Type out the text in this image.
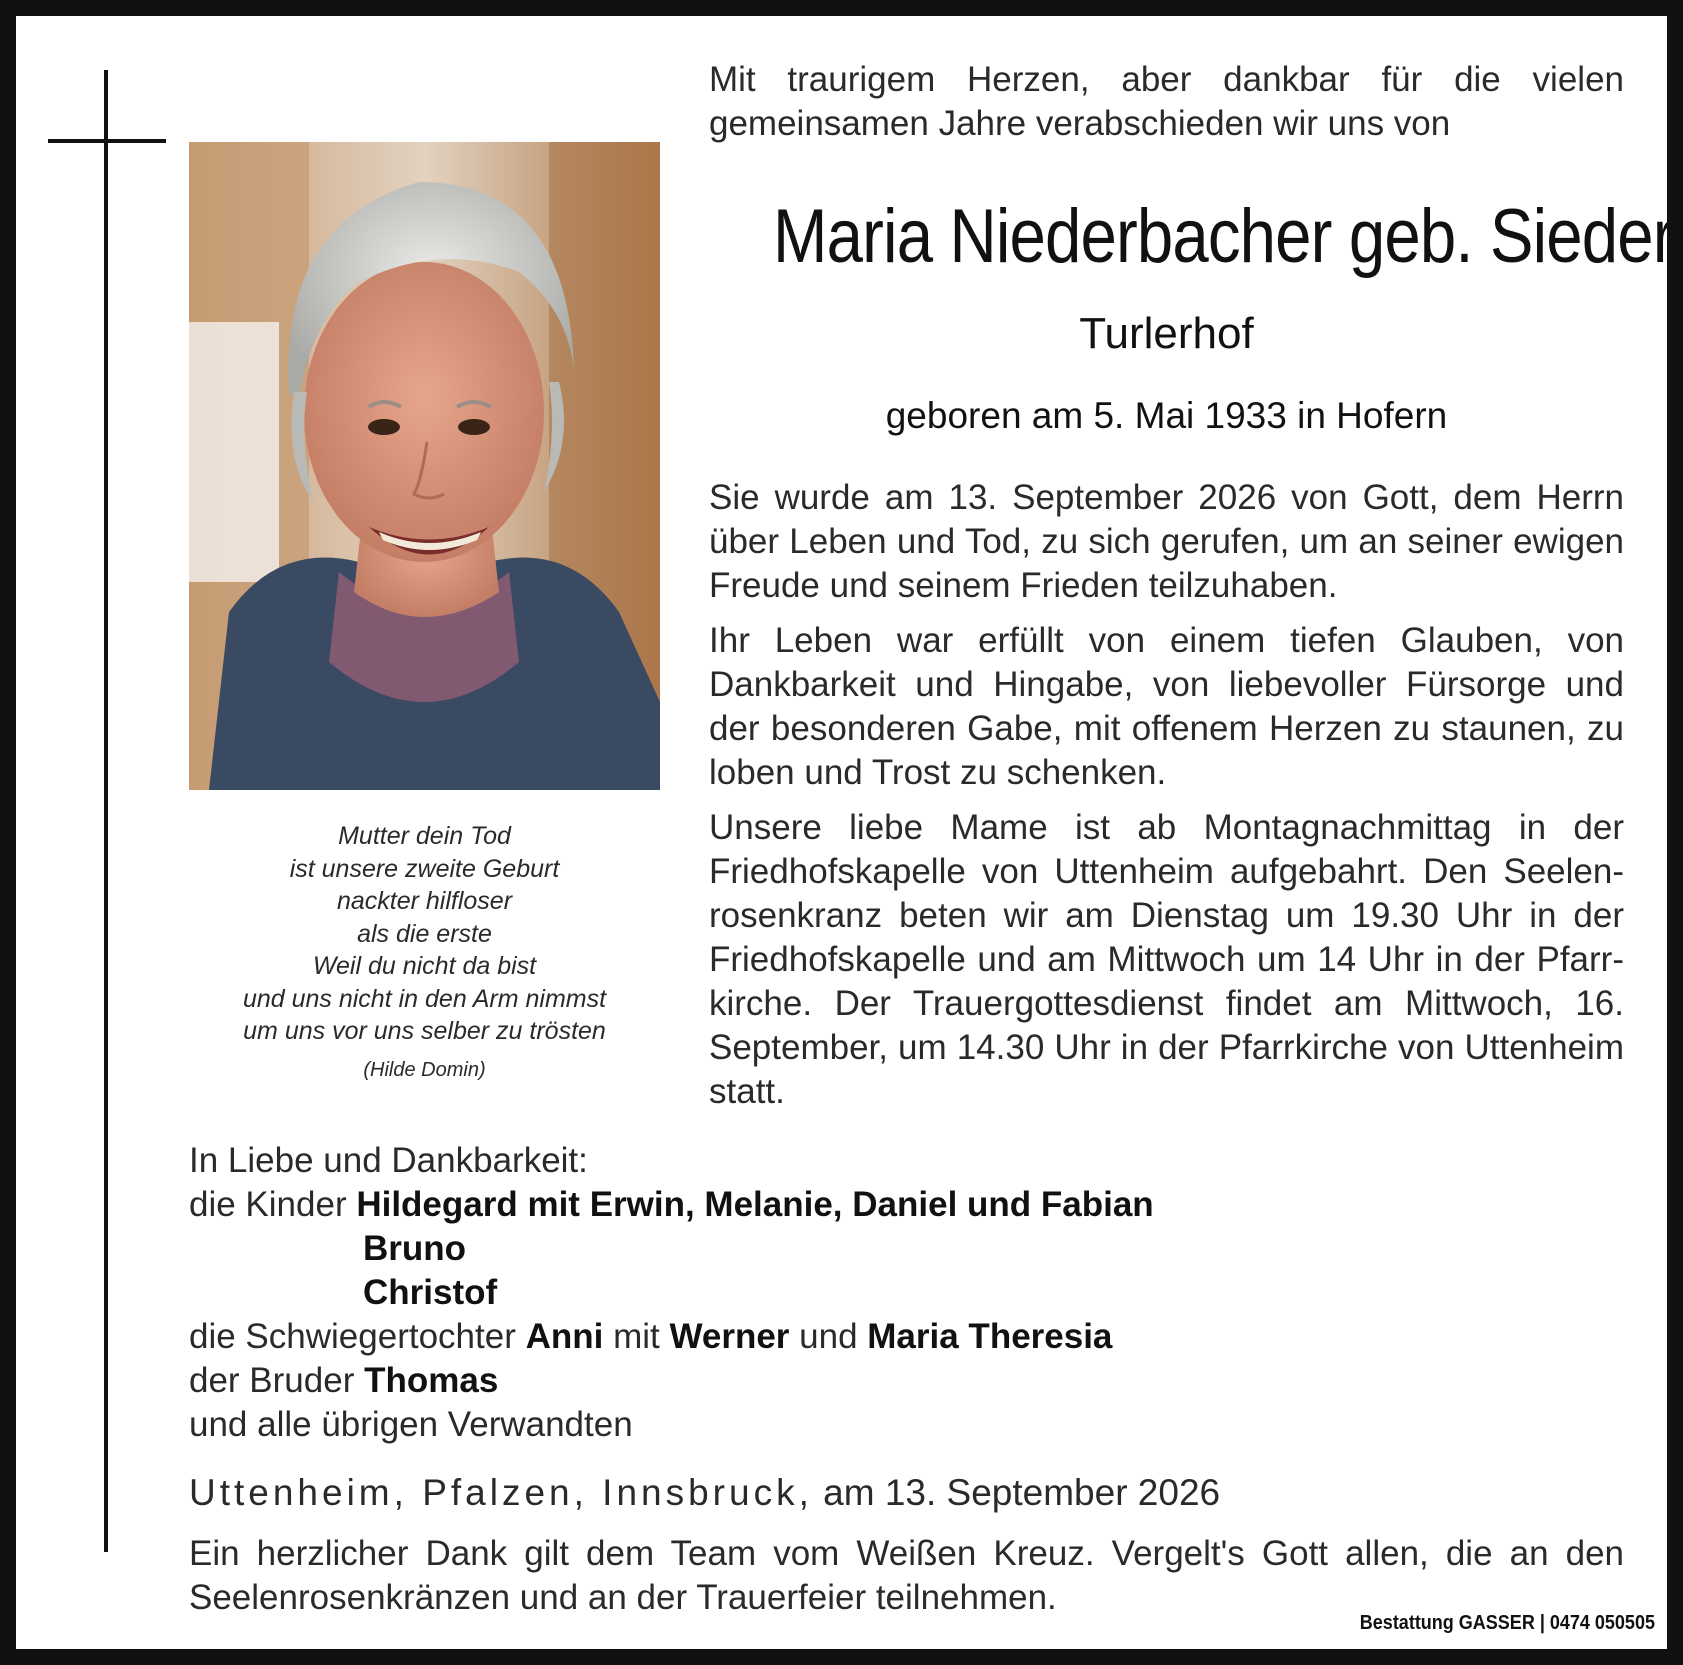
Mutter dein Tod
ist unsere zweite Geburt
nackter hilfloser
als die erste
Weil du nicht da bist
und uns nicht in den Arm nimmst
um uns vor uns selber zu trösten
(Hilde Domin)
Mit traurigem Herzen, aber dankbar für die vielen gemeinsamen Jahre verabschieden wir uns von
Maria Niederbacher geb. Sieder
Turlerhof
geboren am 5. Mai 1933 in Hofern

Sie wurde am 13. September 2026 von Gott, dem Herrn über Leben und Tod, zu sich gerufen, um an seiner ewigen Freude und seinem Frieden teilzuhaben.

Ihr Leben war erfüllt von einem tiefen Glauben, von Dankbarkeit und Hingabe, von liebevoller Fürsorge und der besonderen Gabe, mit offenem Herzen zu staunen, zu loben und Trost zu schenken.

Unsere liebe Mame ist ab Montagnachmittag in der Friedhofskapelle von Uttenheim aufgebahrt. Den Seelenrosenkranz beten wir am Dienstag um 19.30 Uhr in der Friedhofskapelle und am Mittwoch um 14 Uhr in der Pfarrkirche. Der Trauergottesdienst findet am Mittwoch, 16. September, um 14.30 Uhr in der Pfarrkirche von Uttenheim statt.

In Liebe und Dankbarkeit:
die Kinder Hildegard mit Erwin, Melanie, Daniel und Fabian
Bruno
Christof
die Schwiegertochter Anni mit Werner und Maria Theresia
der Bruder Thomas
und alle übrigen Verwandten
Uttenheim, Pfalzen, Innsbruck, am 13. September 2026
Ein herzlicher Dank gilt dem Team vom Weißen Kreuz. Vergelt's Gott allen, die an den Seelenrosenkränzen und an der Trauerfeier teilnehmen.
Bestattung GASSER | 0474 050505
